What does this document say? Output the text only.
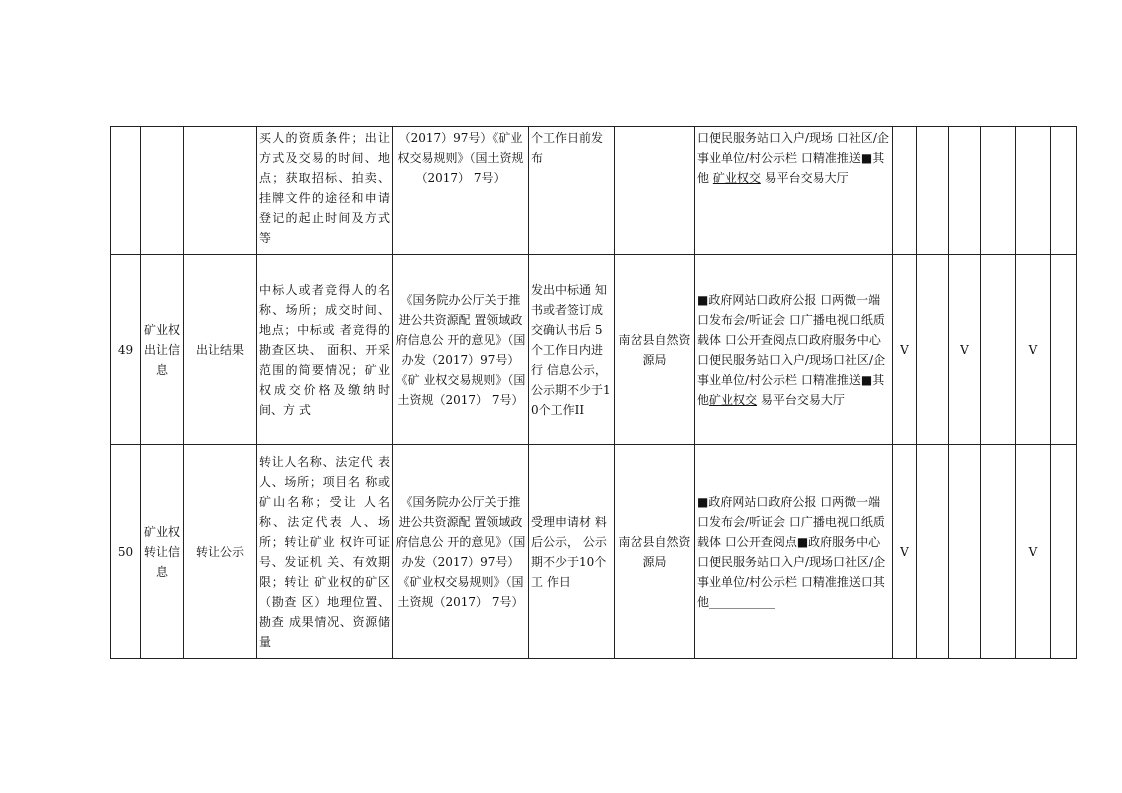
			买人的资质条件；出让方式及交易的时间、地点；获取招标、拍卖、挂牌文件的途径和申请登记的起止时间及方式等	（2017）97号）《矿业权交易规则》（国土资规（2017） 7号）	个工作日前发布		口便民服务站口入户/现场 口社区/企事业单位/村公示栏 口精准推送■其他 矿业权交 易平台交易大厅						
49	矿业权出让信息	出让结果	中标人或者竞得人的名称、场所；成交时间、地点；中标或 者竞得的勘查区块、 面积、开采范围的简要情况；矿业权成交价格及缴纳时间、方 式	《国务院办公厅关于推进公共资源配 置领域政府信息公 开的意见》（国办发（2017）97号）《矿 业权交易规则》（国 土资规（2017） 7号）	发出中标通 知书或者签订成交确认书后 5个工作日内进行 信息公示，公示期不少于10个工作II	南岔县自然资源局	■政府网站口政府公报 口两微一端口发布会/听证会 口广播电视口纸质载体 口公开查阅点口政府服务中心 口便民服务站口入户/现场口社区/企事业单位/村公示栏 口精准推送■其他矿业权交 易平台交易大厅	V		V		V	
50	矿业权转让信息	转让公示	转让人名称、法定代 表人、场所；项目名 称或矿山名称；受让 人名称、法定代表 人、场所；转让矿业 权许可证号、发证机 关、有效期限；转让 矿业权的矿区（勘查 区）地理位置、勘查 成果情况、资源储量	《国务院办公厅关于推进公共资源配 置领域政府信息公 开的意见》（国办发（2017）97号）《矿业权交易规则》（国土资规（2017） 7号）	受理申请材 料后公示， 公示期不少于10个工 作日	南岔县自然资源局	■政府网站口政府公报 口两微一端口发布会/听证会 口广播电视口纸质载体 口公开查阅点■政府服务中心 口便民服务站口入户/现场口社区/企事业单位/村公示栏 口精准推送口其他___________	V				V	
